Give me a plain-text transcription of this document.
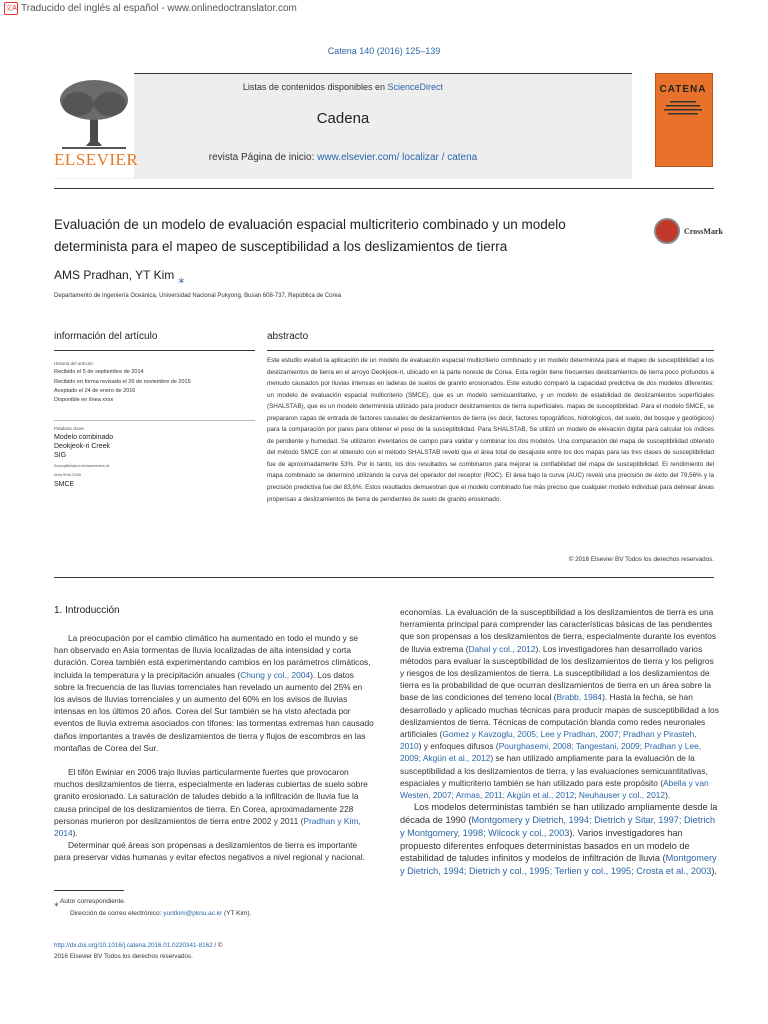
文A Traducido del inglés al español - www.onlinedoctranslator.com
Catena 140 (2016) 125–139
ELSEVIER
Listas de contenidos disponibles en ScienceDirect
Cadena
revista Página de inicio: www.elsevier.com/ localizar / catena
CATENA
Evaluación de un modelo de evaluación espacial multicriterio combinado y un modelo
determinista para el mapeo de susceptibilidad a los deslizamientos de tierra
CrossMark
AMS Pradhan, YT Kim ⁎
Departamento de Ingeniería Oceánica, Universidad Nacional Pukyong, Busan 608-737, República de Corea
información del artículo	abstracto
Historia del artículo:
Recibido el 5 de septiembre de 2014
Recibido en forma revisada el 26 de noviembre de 2015
Aceptado el 24 de enero de 2016
Disponible en línea xxxx
Palabras clave:
Modelo combinado
Deokjeok-ri Creek
SIG
Susceptibilidad a deslizamientos de
tierra SHALSTAB
SMCE
Este estudio evaluó la aplicación de un modelo de evaluación espacial multicriterio combinado y un modelo determinista para el mapeo de susceptibilidad a los deslizamientos de tierra en el arroyo Deokjeok-ri, ubicado en la parte noreste de Corea. Esta región tiene frecuentes deslizamientos de tierra poco profundos a menudo causados por lluvias intensas en laderas de suelos de granito erosionados. Este estudio comparó la capacidad predictiva de dos modelos diferentes: un modelo de evaluación espacial multicriterio (SMCE), que es un modelo semicuantitativo, y un modelo de estabilidad de deslizamientos superficiales (SHALSTAB), que es un modelo determinista utilizado para producir deslizamientos de tierra superficiales. mapas de susceptibilidad. Para el modelo SMCE, se prepararon capas de entrada de factores causales de deslizamientos de tierra (es decir, factores topográficos, hidrológicos, del suelo, del bosque y geológicos) para la comparación por pares para obtener el peso de la susceptibilidad. Para SHALSTAB, Se utilizó un modelo de elevación digital para calcular los índices de pendiente y humedad. Se utilizaron inventarios de campo para validar y combinar los dos modelos. Una comparación del mapa de susceptibilidad obtenido del método SMCE con el obtenido con el método SHALSTAB reveló que el área total de desajuste entre los dos mapas para las tres clases de susceptibilidad fue de aproximadamente 53%. Por lo tanto, los dos resultados se combinaron para mejorar la confiabilidad del mapa de susceptibilidad. El rendimiento del mapa combinado se determinó utilizando la curva del operador del receptor (ROC). El área bajo la curva (AUC) reveló una precisión de éxito del 79,56% y la precisión predictiva fue del 83,6%. Estos resultados demuestran que el modelo combinado fue más preciso que cualquier modelo individual para delinear áreas propensas a deslizamientos de tierra de pendientes de suelo de granito erosionado.
© 2016 Elsevier BV Todos los derechos reservados.
1. Introducción

La preocupación por el cambio climático ha aumentado en todo el mundo y se han observado en Asia tormentas de lluvia localizadas de alta intensidad y corta duración. Corea también está experimentando cambios en los parámetros climáticos, incluida la temperatura y la precipitación anuales (Chung y col., 2004). Los datos sobre la frecuencia de las lluvias torrenciales han revelado un aumento del 25% en los avisos de lluvias torrenciales y un aumento del 60% en los avisos de lluvias intensas en los últimos 20 años. Corea del Sur también se ha visto afectada por eventos de lluvia extrema asociados con tifones: las tormentas extremas han causado daños importantes a través de deslizamientos de tierra y flujos de escombros en las montañas de Corea del Sur.

El tifón Ewiniar en 2006 trajo lluvias particularmente fuertes que provocaron muchos deslizamientos de tierra, especialmente en laderas cubiertas de suelo sobre granito erosionado. La saturación de taludes debido a la infiltración de lluvia fue la causa principal de los deslizamientos de tierra. En Corea, aproximadamente 228 personas murieron por deslizamientos de tierra entre 2002 y 2011 (Pradhan y Kim, 2014).

Determinar qué áreas son propensas a deslizamientos de tierra es importante para preservar vidas humanas y evitar efectos negativos a nivel regional y nacional.

economías. La evaluación de la susceptibilidad a los deslizamientos de tierra es una herramienta principal para comprender las características básicas de las pendientes que son propensas a los deslizamientos de tierra, especialmente durante los eventos de lluvia extrema (Dahal y col., 2012). Los investigadores han desarrollado varios métodos para evaluar la susceptibilidad de los deslizamientos de tierra y los peligros y riesgos de los deslizamientos de tierra. La susceptibilidad a los deslizamientos de tierra es la probabilidad de que ocurran deslizamientos de tierra en un área sobre la base de las condiciones del terreno local (Brabb, 1984). Hasta la fecha, se han desarrollado y aplicado muchas técnicas para producir mapas de susceptibilidad a los deslizamientos de tierra. Técnicas de computación blanda como redes neuronales artificiales (Gomez y Kavzoglu, 2005; Lee y Pradhan, 2007; Pradhan y Pirasteh, 2010) y enfoques difusos (Pourghasemi, 2008; Tangestani, 2009; Pradhan y Lee, 2009; Akgün et al., 2012) se han utilizado ampliamente para la evaluación de la susceptibilidad a los deslizamientos de tierra, y las evaluaciones semicuantitativas, espaciales y multicriterio también se han utilizado para este propósito (Abella y van Westen, 2007; Armas, 2011; Akgün et al., 2012; Neuhauser y col., 2012).

Los modelos deterministas también se han utilizado ampliamente desde la década de 1990 (Montgomery y Dietrich, 1994; Dietrich y Sitar, 1997; Dietrich y Montgomery, 1998; Wilcock y col., 2003). Varios investigadores han propuesto diferentes enfoques deterministas basados en un modelo de estabilidad de taludes infinitos y modelos de infiltración de lluvia (Montgomery y Dietrich, 1994; Dietrich y col., 1995; Terlien y col., 1995; Crosta et al., 2003).

⁎ Autor correspondiente.
Dirección de correo electrónico: yuntkim@pknu.ac.kr (YT Kim).
http://dx.doi.org/10.1016/j.catena.2016.01.0220341-8162 / ©
2016 Elsevier BV Todos los derechos reservados.
